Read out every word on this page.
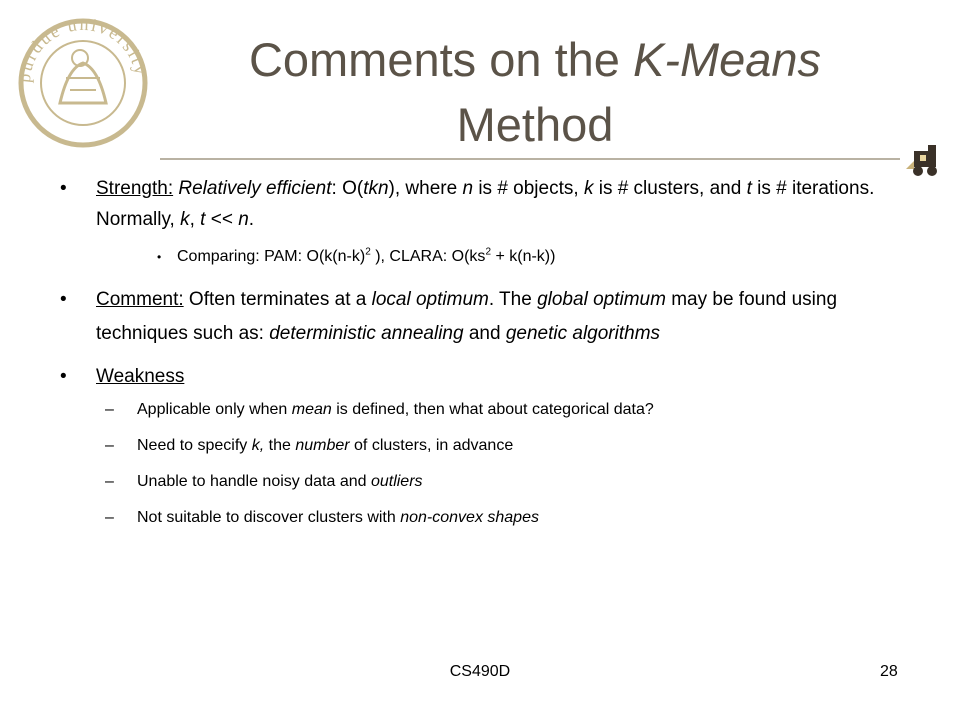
purdue university	Comments on the K-Means
Method
• Strength: Relatively efficient: O(tkn), where n is # objects, k is # clusters, and t is # iterations. Normally, k, t << n.
• Comparing: PAM: $O(k(n-k)^2$ ), CLARA: $O(ks^2 + k(n-k))$
• Comment: Often terminates at a local optimum. The global optimum may be found using techniques such as: deterministic annealing and genetic algorithms
• Weakness
– Applicable only when mean is defined, then what about categorical data?
– Need to specify k, the number of clusters, in advance
– Unable to handle noisy data and outliers
– Not suitable to discover clusters with non-convex shapes
CS490D	28
